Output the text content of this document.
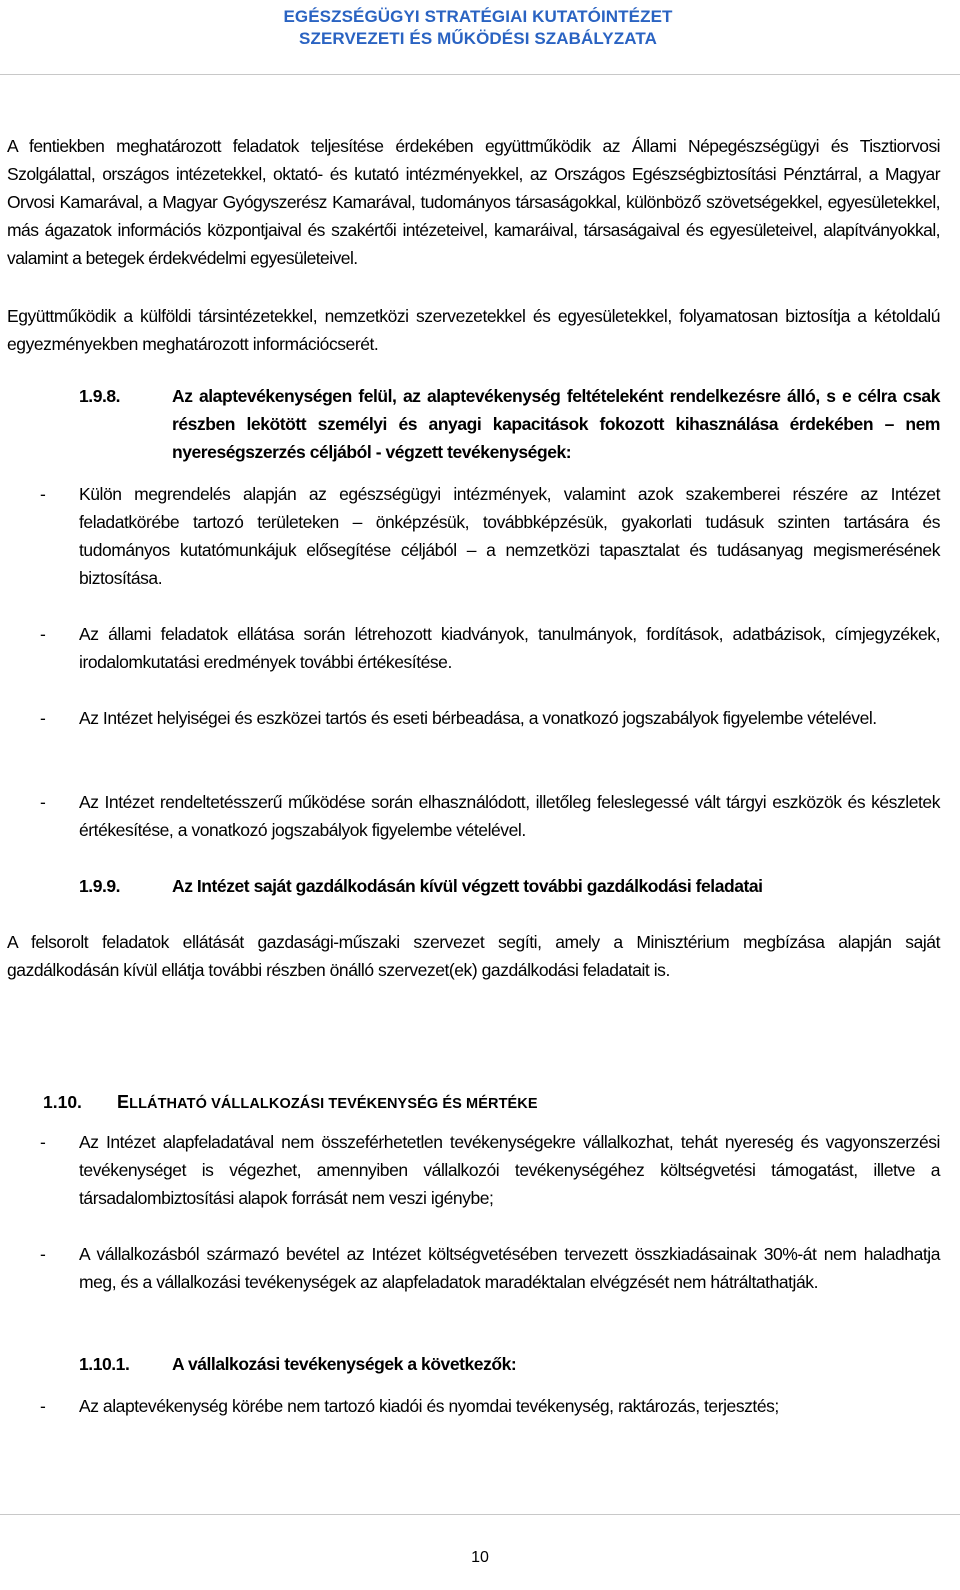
EGÉSZSÉGÜGYI STRATÉGIAI KUTATÓINTÉZET
SZERVEZETI ÉS MŰKÖDÉSI SZABÁLYZATA
A fentiekben meghatározott feladatok teljesítése érdekében együttműködik az Állami Népegészségügyi és Tisztiorvosi Szolgálattal, országos intézetekkel, oktató- és kutató intézményekkel, az Országos Egészségbiztosítási Pénztárral, a Magyar Orvosi Kamarával, a Magyar Gyógyszerész Kamarával, tudományos társaságokkal, különböző szövetségekkel, egyesületekkel, más ágazatok információs központjaival és szakértői intézeteivel, kamaráival, társaságaival és egyesületeivel, alapítványokkal, valamint a betegek érdekvédelmi egyesületeivel.
Együttműködik a külföldi társintézetekkel, nemzetközi szervezetekkel és egyesületekkel, folyamatosan biztosítja a kétoldalú egyezményekben meghatározott információcserét.
1.9.8.	Az alaptevékenységen felül, az alaptevékenység feltételeként rendelkezésre álló, s e célra csak részben lekötött személyi és anyagi kapacitások fokozott kihasználása érdekében – nem nyereségszerzés céljából - végzett tevékenységek:
- Külön megrendelés alapján az egészségügyi intézmények, valamint azok szakemberei részére az Intézet feladatkörébe tartozó területeken – önképzésük, továbbképzésük, gyakorlati tudásuk szinten tartására és tudományos kutatómunkájuk elősegítése céljából – a nemzetközi tapasztalat és tudásanyag megismerésének biztosítása.
- Az állami feladatok ellátása során létrehozott kiadványok, tanulmányok, fordítások, adatbázisok, címjegyzékek, irodalomkutatási eredmények további értékesítése.
- Az Intézet helyiségei és eszközei tartós és eseti bérbeadása, a vonatkozó jogszabályok figyelembe vételével.
- Az Intézet rendeltetésszerű működése során elhasználódott, illetőleg feleslegessé vált tárgyi eszközök és készletek értékesítése, a vonatkozó jogszabályok figyelembe vételével.
1.9.9.	Az Intézet saját gazdálkodásán kívül végzett további gazdálkodási feladatai
A felsorolt feladatok ellátását gazdasági-műszaki szervezet segíti, amely a Minisztérium megbízása alapján saját gazdálkodásán kívül ellátja további részben önálló szervezet(ek) gazdálkodási feladatait is.
1.10. ELLÁTHATÓ VÁLLALKOZÁSI TEVÉKENYSÉG ÉS MÉRTÉKE
- Az Intézet alapfeladatával nem összeférhetetlen tevékenységekre vállalkozhat, tehát nyereség és vagyonszerzési tevékenységet is végezhet, amennyiben vállalkozói tevékenységéhez költségvetési támogatást, illetve a társadalombiztosítási alapok forrását nem veszi igénybe;
- A vállalkozásból származó bevétel az Intézet költségvetésében tervezett összkiadásainak 30%-át nem haladhatja meg, és a vállalkozási tevékenységek az alapfeladatok maradéktalan elvégzését nem hátráltathatják.
1.10.1. A vállalkozási tevékenységek a következők:
- Az alaptevékenység körébe nem tartozó kiadói és nyomdai tevékenység, raktározás, terjesztés;
10
